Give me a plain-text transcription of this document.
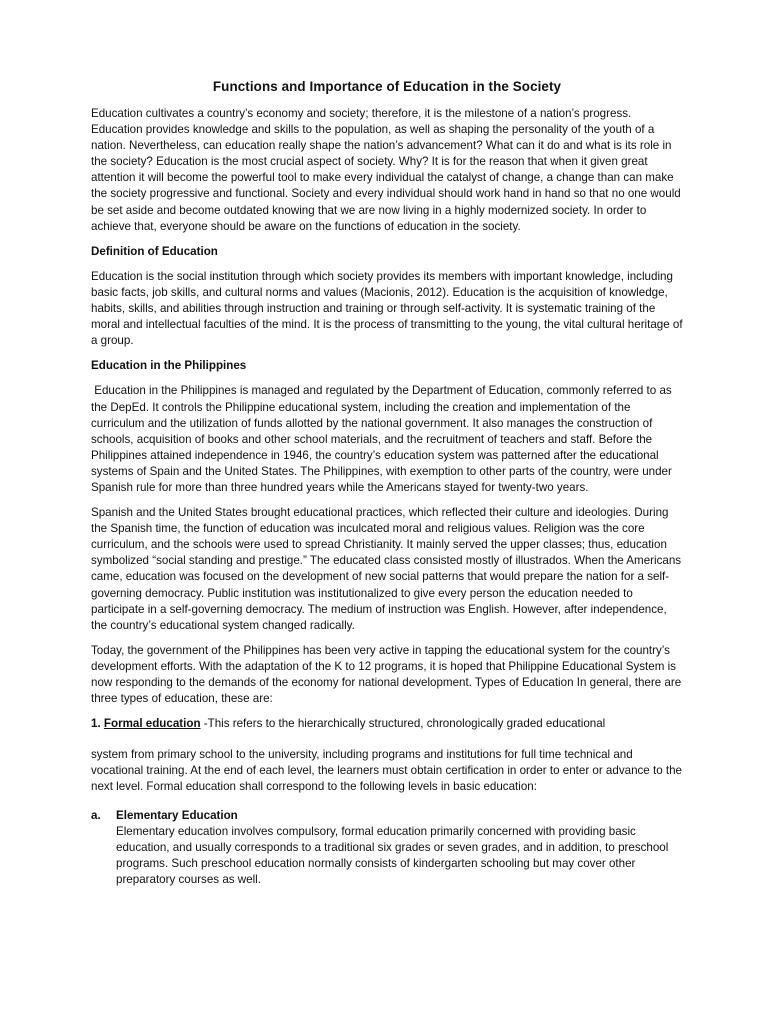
Functions and Importance of Education in the Society

Education cultivates a country’s economy and society; therefore, it is the milestone of a nation’s progress. Education provides knowledge and skills to the population, as well as shaping the personality of the youth of a nation. Nevertheless, can education really shape the nation’s advancement? What can it do and what is its role in the society? Education is the most crucial aspect of society. Why? It is for the reason that when it given great attention it will become the powerful tool to make every individual the catalyst of change, a change than can make the society progressive and functional. Society and every individual should work hand in hand so that no one would be set aside and become outdated knowing that we are now living in a highly modernized society. In order to achieve that, everyone should be aware on the functions of education in the society.

Definition of Education

Education is the social institution through which society provides its members with important knowledge, including basic facts, job skills, and cultural norms and values (Macionis, 2012). Education is the acquisition of knowledge, habits, skills, and abilities through instruction and training or through self-activity. It is systematic training of the moral and intellectual faculties of the mind. It is the process of transmitting to the young, the vital cultural heritage of a group.

Education in the Philippines

Education in the Philippines is managed and regulated by the Department of Education, commonly referred to as the DepEd. It controls the Philippine educational system, including the creation and implementation of the curriculum and the utilization of funds allotted by the national government. It also manages the construction of schools, acquisition of books and other school materials, and the recruitment of teachers and staff. Before the Philippines attained independence in 1946, the country’s education system was patterned after the educational systems of Spain and the United States. The Philippines, with exemption to other parts of the country, were under Spanish rule for more than three hundred years while the Americans stayed for twenty-two years.

Spanish and the United States brought educational practices, which reflected their culture and ideologies. During the Spanish time, the function of education was inculcated moral and religious values. Religion was the core curriculum, and the schools were used to spread Christianity. It mainly served the upper classes; thus, education symbolized “social standing and prestige.” The educated class consisted mostly of illustrados. When the Americans came, education was focused on the development of new social patterns that would prepare the nation for a self-governing democracy. Public institution was institutionalized to give every person the education needed to participate in a self-governing democracy. The medium of instruction was English. However, after independence, the country’s educational system changed radically.

Today, the government of the Philippines has been very active in tapping the educational system for the country’s development efforts. With the adaptation of the K to 12 programs, it is hoped that Philippine Educational System is now responding to the demands of the economy for national development. Types of Education In general, there are three types of education, these are:

1. Formal education -This refers to the hierarchically structured, chronologically graded educational

system from primary school to the university, including programs and institutions for full time technical and vocational training. At the end of each level, the learners must obtain certification in order to enter or advance to the next level. Formal education shall correspond to the following levels in basic education:

a.	Elementary Education
Elementary education involves compulsory, formal education primarily concerned with providing basic education, and usually corresponds to a traditional six grades or seven grades, and in addition, to preschool programs. Such preschool education normally consists of kindergarten schooling but may cover other preparatory courses as well.
